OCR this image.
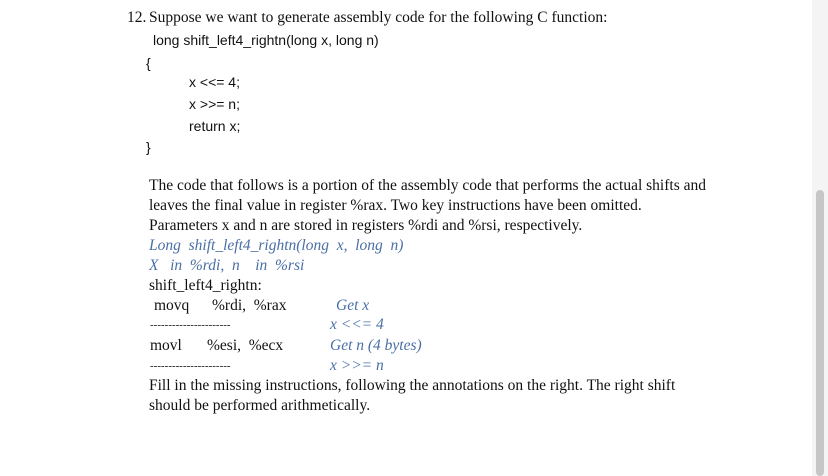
12. Suppose we want to generate assembly code for the following C function:
long shift_left4_rightn(long x, long n)
{
x <<= 4;
x >>= n;
return x;
}
The code that follows is a portion of the assembly code that performs the actual shifts and
leaves the final value in register %rax. Two key instructions have been omitted.
Parameters x and n are stored in registers %rdi and %rsi, respectively.
Long  shift_left4_rightn(long  x,  long  n)
X   in  %rdi,  n    in  %rsi
shift_left4_rightn:
movq %rdi,  %rax	Get x
----------------------	x <<= 4
movl %esi,  %ecx	Get n (4 bytes)
----------------------	x >>= n
Fill in the missing instructions, following the annotations on the right. The right shift
should be performed arithmetically.
